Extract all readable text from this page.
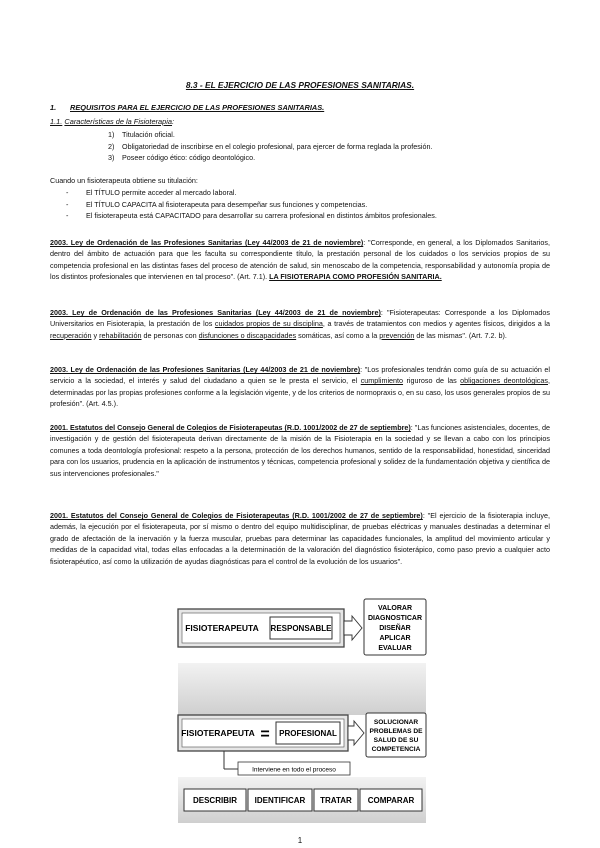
8.3 - EL EJERCICIO DE LAS PROFESIONES SANITARIAS.
1. REQUISITOS PARA EL EJERCICIO DE LAS PROFESIONES SANITARIAS.
1.1. Características de la Fisioterapia:
1) Titulación oficial.
2) Obligatoriedad de inscribirse en el colegio profesional, para ejercer de forma reglada la profesión.
3) Poseer código ético: código deontológico.
Cuando un fisioterapeuta obtiene su titulación:
- El TÍTULO permite acceder al mercado laboral.
- El TÍTULO CAPACITA al fisioterapeuta para desempeñar sus funciones y competencias.
- El fisioterapeuta está CAPACITADO para desarrollar su carrera profesional en distintos ámbitos profesionales.
2003. Ley de Ordenación de las Profesiones Sanitarias (Ley 44/2003 de 21 de noviembre): "Corresponde, en general, a los Diplomados Sanitarios, dentro del ámbito de actuación para que les faculta su correspondiente título, la prestación personal de los cuidados o los servicios propios de su competencia profesional en las distintas fases del proceso de atención de salud, sin menoscabo de la competencia, responsabilidad y autonomía propia de los distintos profesionales que intervienen en tal proceso". (Art. 7.1). LA FISIOTERAPIA COMO PROFESIÓN SANITARIA.
2003. Ley de Ordenación de las Profesiones Sanitarias (Ley 44/2003 de 21 de noviembre): "Fisioterapeutas: Corresponde a los Diplomados Universitarios en Fisioterapia, la prestación de los cuidados propios de su disciplina, a través de tratamientos con medios y agentes físicos, dirigidos a la recuperación y rehabilitación de personas con disfunciones o discapacidades somáticas, así como a la prevención de las mismas". (Art. 7.2. b).
2003. Ley de Ordenación de las Profesiones Sanitarias (Ley 44/2003 de 21 de noviembre): "Los profesionales tendrán como guía de su actuación el servicio a la sociedad, el interés y salud del ciudadano a quien se le presta el servicio, el cumplimiento riguroso de las obligaciones deontológicas, determinadas por las propias profesiones conforme a la legislación vigente, y de los criterios de normopraxis o, en su caso, los usos generales propios de su profesión". (Art. 4.5.).
2001. Estatutos del Consejo General de Colegios de Fisioterapeutas (R.D. 1001/2002 de 27 de septiembre): "Las funciones asistenciales, docentes, de investigación y de gestión del fisioterapeuta derivan directamente de la misión de la Fisioterapia en la sociedad y se llevan a cabo con los principios comunes a toda deontología profesional: respeto a la persona, protección de los derechos humanos, sentido de la responsabilidad, honestidad, sinceridad para con los usuarios, prudencia en la aplicación de instrumentos y técnicas, competencia profesional y solidez de la fundamentación objetiva y científica de sus intervenciones profesionales."
2001. Estatutos del Consejo General de Colegios de Fisioterapeutas (R.D. 1001/2002 de 27 de septiembre): "El ejercicio de la fisioterapia incluye, además, la ejecución por el fisioterapeuta, por sí mismo o dentro del equipo multidisciplinar, de pruebas eléctricas y manuales destinadas a determinar el grado de afectación de la inervación y la fuerza muscular, pruebas para determinar las capacidades funcionales, la amplitud del movimiento articular y medidas de la capacidad vital, todas ellas enfocadas a la determinación de la valoración del diagnóstico fisioterápico, como paso previo a cualquier acto fisioterapéutico, así como la utilización de ayudas diagnósticas para el control de la evolución de los usuarios".
FISIOTERAPEUTA RESPONSABLE
VALORAR
DIAGNOSTICAR
DISEÑAR
APLICAR
EVALUAR
FISIOTERAPEUTA = PROFESIONAL
SOLUCIONAR
PROBLEMAS DE
SALUD DE SU
COMPETENCIA
Interviene en todo el proceso
DESCRIBIR IDENTIFICAR TRATAR COMPARAR
1
